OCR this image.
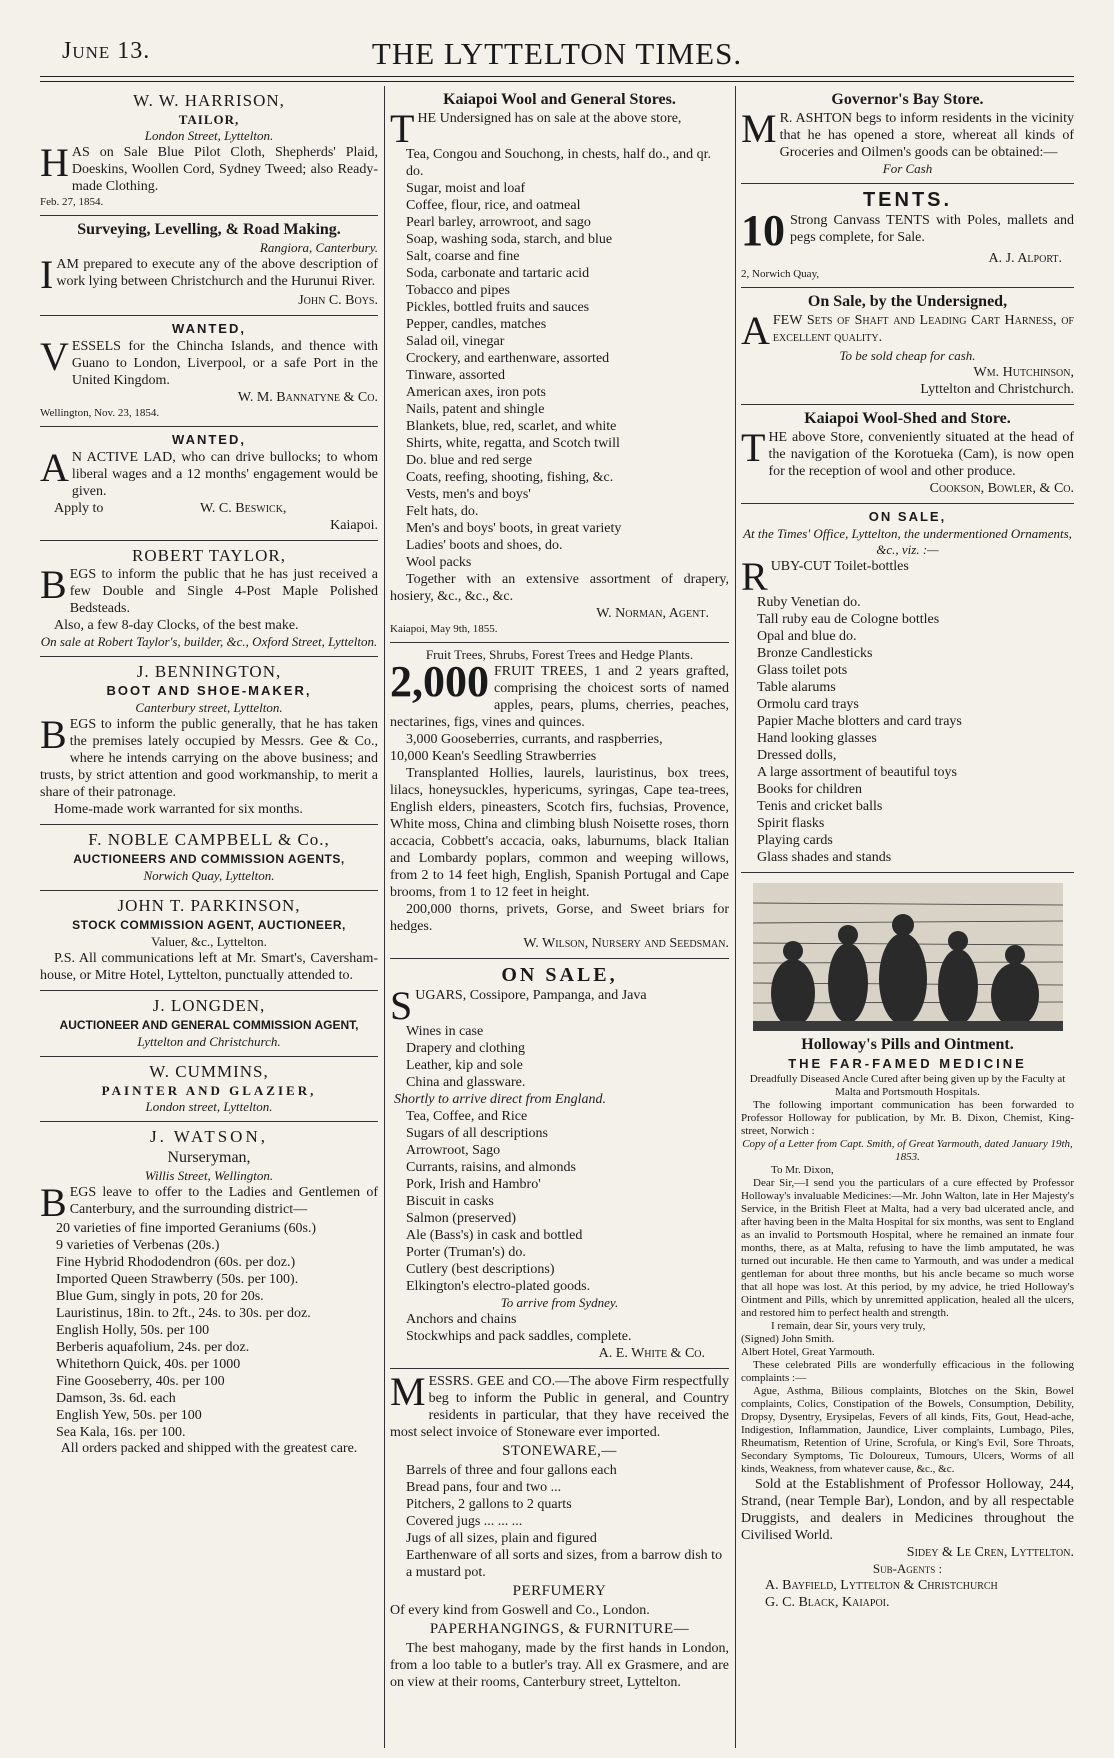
June 13.	THE LYTTELTON TIMES.
W. W. HARRISON,
TAILOR,
London Street, Lyttelton.
HAS on Sale Blue Pilot Cloth, Shepherds' Plaid, Doeskins, Woollen Cord, Sydney Tweed; also Ready-made Clothing.
Feb. 27, 1854.
Surveying, Levelling, & Road Making.
Rangiora, Canterbury.
IAM prepared to execute any of the above description of work lying between Christchurch and the Hurunui River.
John C. Boys.
WANTED,
VESSELS for the Chincha Islands, and thence with Guano to London, Liverpool, or a safe Port in the United Kingdom.
W. M. Bannatyne & Co.
Wellington, Nov. 23, 1854.
WANTED,
A N ACTIVE LAD, who can drive bullocks; to whom liberal wages and a 12 months' engagement would be given.
Apply to	W. C. Beswick,
Kaiapoi.
ROBERT TAYLOR,
BEGS to inform the public that he has just received a few Double and Single 4-Post Maple Polished Bedsteads.
Also, a few 8-day Clocks, of the best make.
On sale at Robert Taylor's, builder, &c., Oxford Street, Lyttelton.
J. BENNINGTON,
BOOT AND SHOE-MAKER,
Canterbury street, Lyttelton.
BEGS to inform the public generally, that he has taken the premises lately occupied by Messrs. Gee & Co., where he intends carrying on the above business; and trusts, by strict attention and good workmanship, to merit a share of their patronage.
Home-made work warranted for six months.
F. NOBLE CAMPBELL & Co.,
AUCTIONEERS AND COMMISSION AGENTS,
Norwich Quay, Lyttelton.
JOHN T. PARKINSON,
STOCK COMMISSION AGENT, AUCTIONEER,
Valuer, &c., Lyttelton.
P.S. All communications left at Mr. Smart's, Caversham-house, or Mitre Hotel, Lyttelton, punctually attended to.
J. LONGDEN,
AUCTIONEER AND GENERAL COMMISSION AGENT,
Lyttelton and Christchurch.
W. CUMMINS,
PAINTER AND GLAZIER,
London street, Lyttelton.
J. WATSON,
Nurseryman,
Willis Street, Wellington.
BEGS leave to offer to the Ladies and Gentlemen of Canterbury, and the surrounding district—
20 varieties of fine imported Geraniums (60s.)
9 varieties of Verbenas (20s.)
Fine Hybrid Rhododendron (60s. per doz.)
Imported Queen Strawberry (50s. per 100).
Blue Gum, singly in pots, 20 for 20s.
Lauristinus, 18in. to 2ft., 24s. to 30s. per doz.
English Holly, 50s. per 100
Berberis aquafolium, 24s. per doz.
Whitethorn Quick, 40s. per 1000
Fine Gooseberry, 40s. per 100
Damson, 3s. 6d. each
English Yew, 50s. per 100
Sea Kala, 16s. per 100.
All orders packed and shipped with the greatest care.
Kaiapoi Wool and General Stores.
THE Undersigned has on sale at the above store,
Tea, Congou and Souchong, in chests, half do., and qr. do.
Sugar, moist and loaf
Coffee, flour, rice, and oatmeal
Pearl barley, arrowroot, and sago
Soap, washing soda, starch, and blue
Salt, coarse and fine
Soda, carbonate and tartaric acid
Tobacco and pipes
Pickles, bottled fruits and sauces
Pepper, candles, matches
Salad oil, vinegar
Crockery, and earthenware, assorted
Tinware, assorted
American axes, iron pots
Nails, patent and shingle
Blankets, blue, red, scarlet, and white
Shirts, white, regatta, and Scotch twill
Do. blue and red serge
Coats, reefing, shooting, fishing, &c.
Vests, men's and boys'
Felt hats, do.
Men's and boys' boots, in great variety
Ladies' boots and shoes, do.
Wool packs
Together with an extensive assortment of drapery, hosiery, &c., &c., &c.
W. Norman, Agent.
Kaiapoi, May 9th, 1855.
Fruit Trees, Shrubs, Forest Trees and Hedge Plants.
2,000 FRUIT TREES, 1 and 2 years grafted, comprising the choicest sorts of named apples, pears, plums, cherries, peaches, nectarines, figs, vines and quinces.
3,000 Gooseberries, currants, and raspberries,
10,000 Kean's Seedling Strawberries
Transplanted Hollies, laurels, lauristinus, box trees, lilacs, honeysuckles, hypericums, syringas, Cape tea-trees, English elders, pineasters, Scotch firs, fuchsias, Provence, White moss, China and climbing blush Noisette roses, thorn accacia, Cobbett's accacia, oaks, laburnums, black Italian and Lombardy poplars, common and weeping willows, from 2 to 14 feet high, English, Spanish Portugal and Cape brooms, from 1 to 12 feet in height.
200,000 thorns, privets, Gorse, and Sweet briars for hedges.
W. Wilson, Nursery and Seedsman.
ON SALE,
SUGARS, Cossipore, Pampanga, and Java
Wines in case
Drapery and clothing
Leather, kip and sole
China and glassware.
Shortly to arrive direct from England.
Tea, Coffee, and Rice
Sugars of all descriptions
Arrowroot, Sago
Currants, raisins, and almonds
Pork, Irish and Hambro'
Biscuit in casks
Salmon (preserved)
Ale (Bass's) in cask and bottled
Porter (Truman's) do.
Cutlery (best descriptions)
Elkington's electro-plated goods.
To arrive from Sydney.
Anchors and chains
Stockwhips and pack saddles, complete.
A. E. White & Co.
MESSRS. GEE and CO.—The above Firm respectfully beg to inform the Public in general, and Country residents in particular, that they have received the most select invoice of Stoneware ever imported.
STONEWARE,—
Barrels of three and four gallons each
Bread pans, four and two ...
Pitchers, 2 gallons to 2 quarts
Covered jugs ... ... ...
Jugs of all sizes, plain and figured
Earthenware of all sorts and sizes, from a barrow dish to a mustard pot.
PERFUMERY
Of every kind from Goswell and Co., London.
PAPERHANGINGS, & FURNITURE—
The best mahogany, made by the first hands in London, from a loo table to a butler's tray. All ex Grasmere, and are on view at their rooms, Canterbury street, Lyttelton.
Governor's Bay Store.
M R. ASHTON begs to inform residents in the vicinity that he has opened a store, whereat all kinds of Groceries and Oilmen's goods can be obtained:—
For Cash
TENTS.
10 Strong Canvass TENTS with Poles, mallets and pegs complete, for Sale.
A. J. Alport.
2, Norwich Quay,
On Sale, by the Undersigned,
AFEW Sets of Shaft and Leading Cart Harness, of excellent quality.
To be sold cheap for cash.
Wm. Hutchinson,
Lyttelton and Christchurch.
Kaiapoi Wool-Shed and Store.
THE above Store, conveniently situated at the head of the navigation of the Korotueka (Cam), is now open for the reception of wool and other produce.
Cookson, Bowler, & Co.
ON SALE,
At the Times' Office, Lyttelton, the undermentioned Ornaments, &c., viz. :—
RUBY-CUT Toilet-bottles
Ruby Venetian do.
Tall ruby eau de Cologne bottles
Opal and blue do.
Bronze Candlesticks
Glass toilet pots
Table alarums
Ormolu card trays
Papier Mache blotters and card trays
Hand looking glasses
Dressed dolls,
A large assortment of beautiful toys
Books for children
Tenis and cricket balls
Spirit flasks
Playing cards
Glass shades and stands
Holloway's Pills and Ointment.
THE FAR-FAMED MEDICINE
Dreadfully Diseased Ancle Cured after being given up by the Faculty at Malta and Portsmouth Hospitals.
The following important communication has been forwarded to Professor Holloway for publication, by Mr. B. Dixon, Chemist, King-street, Norwich :
Copy of a Letter from Capt. Smith, of Great Yarmouth, dated January 19th, 1853.
To Mr. Dixon,
Dear Sir,—I send you the particulars of a cure effected by Professor Holloway's invaluable Medicines:—Mr. John Walton, late in Her Majesty's Service, in the British Fleet at Malta, had a very bad ulcerated ancle, and after having been in the Malta Hospital for six months, was sent to England as an invalid to Portsmouth Hospital, where he remained an inmate four months, there, as at Malta, refusing to have the limb amputated, he was turned out incurable. He then came to Yarmouth, and was under a medical gentleman for about three months, but his ancle became so much worse that all hope was lost. At this period, by my advice, he tried Holloway's Ointment and Pills, which by unremitted application, healed all the ulcers, and restored him to perfect health and strength.
I remain, dear Sir, yours very truly,
(Signed) John Smith.
Albert Hotel, Great Yarmouth.
These celebrated Pills are wonderfully efficacious in the following complaints :—
Ague, Asthma, Bilious complaints, Blotches on the Skin, Bowel complaints, Colics, Constipation of the Bowels, Consumption, Debility, Dropsy, Dysentry, Erysipelas, Fevers of all kinds, Fits, Gout, Head-ache, Indigestion, Inflammation, Jaundice, Liver complaints, Lumbago, Piles, Rheumatism, Retention of Urine, Scrofula, or King's Evil, Sore Throats, Secondary Symptoms, Tic Doloureux, Tumours, Ulcers, Worms of all kinds, Weakness, from whatever cause, &c., &c.
Sold at the Establishment of Professor Holloway, 244, Strand, (near Temple Bar), London, and by all respectable Druggists, and dealers in Medicines throughout the Civilised World.
Sidey & Le Cren, Lyttelton.
Sub-Agents :
A. Bayfield, Lyttelton & Christchurch
G. C. Black, Kaiapoi.
